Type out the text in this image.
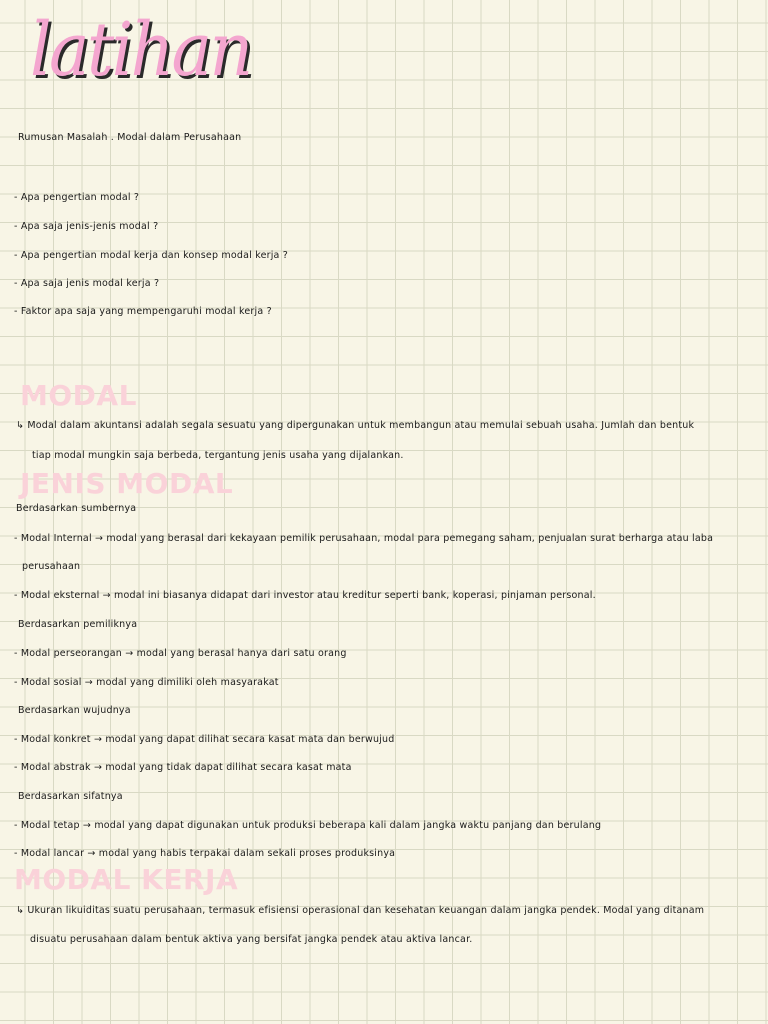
latihan
Rumusan Masalah . Modal dalam Perusahaan
- Apa pengertian modal ?
- Apa saja jenis-jenis modal ?
- Apa pengertian modal kerja dan konsep modal kerja ?
- Apa saja jenis modal kerja ?
- Faktor apa saja yang mempengaruhi modal kerja ?
MODAL
↳ Modal dalam akuntansi adalah segala sesuatu yang dipergunakan untuk membangun atau memulai sebuah usaha. Jumlah dan bentuk
tiap modal mungkin saja berbeda, tergantung jenis usaha yang dijalankan.
JENIS MODAL
Berdasarkan sumbernya
- Modal Internal → modal yang berasal dari kekayaan pemilik perusahaan, modal para pemegang saham, penjualan surat berharga atau laba
perusahaan
- Modal eksternal → modal ini biasanya didapat dari investor atau kreditur seperti bank, koperasi, pinjaman personal.
Berdasarkan pemiliknya
- Modal perseorangan → modal yang berasal hanya dari satu orang
- Modal sosial → modal yang dimiliki oleh masyarakat
Berdasarkan wujudnya
- Modal konkret → modal yang dapat dilihat secara kasat mata dan berwujud
- Modal abstrak → modal yang tidak dapat dilihat secara kasat mata
Berdasarkan sifatnya
- Modal tetap → modal yang dapat digunakan untuk produksi beberapa kali dalam jangka waktu panjang dan berulang
- Modal lancar → modal yang habis terpakai dalam sekali proses produksinya
MODAL KERJA
↳ Ukuran likuiditas suatu perusahaan, termasuk efisiensi operasional dan kesehatan keuangan dalam jangka pendek. Modal yang ditanam
disuatu perusahaan dalam bentuk aktiva yang bersifat jangka pendek atau aktiva lancar.
